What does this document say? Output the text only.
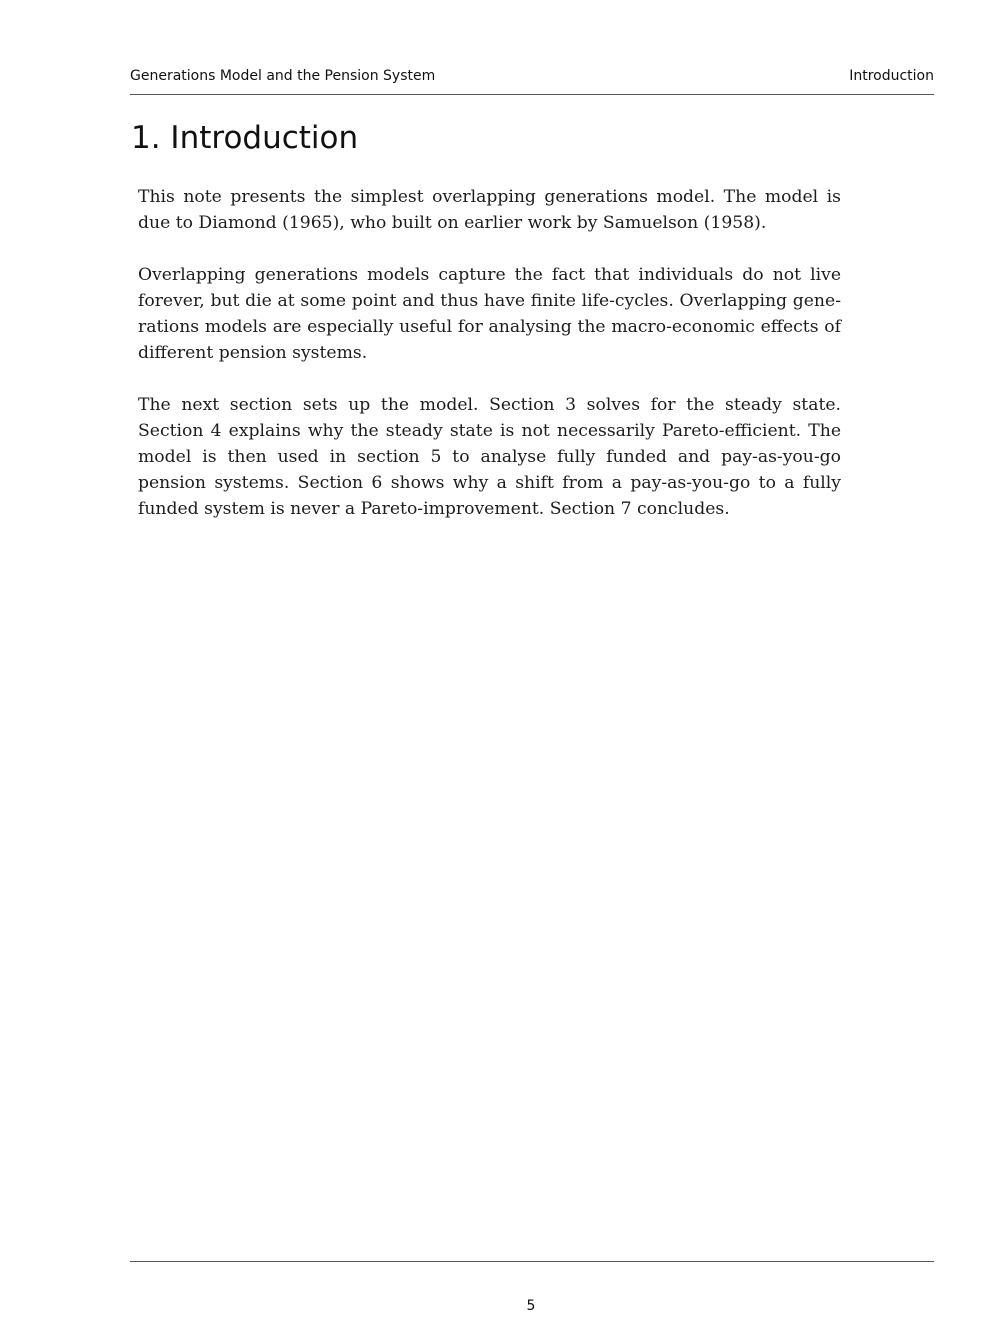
Generations Model and the Pension System	Introduction
1. Introduction

This note presents the simplest overlapping generations model. The model is due to Diamond (1965), who built on earlier work by Samuelson (1958).

Overlapping generations models capture the fact that individuals do not live forever, but die at some point and thus have finite life-cycles. Overlapping generations models are especially useful for analysing the macro-economic effects of different pension systems.

The next section sets up the model. Section 3 solves for the steady state. Section 4 explains why the steady state is not necessarily Pareto-efficient. The model is then used in section 5 to analyse fully funded and pay-as-you-go pension systems. Section 6 shows why a shift from a pay-as-you-go to a fully funded system is never a Pareto-improvement. Section 7 concludes.

5
